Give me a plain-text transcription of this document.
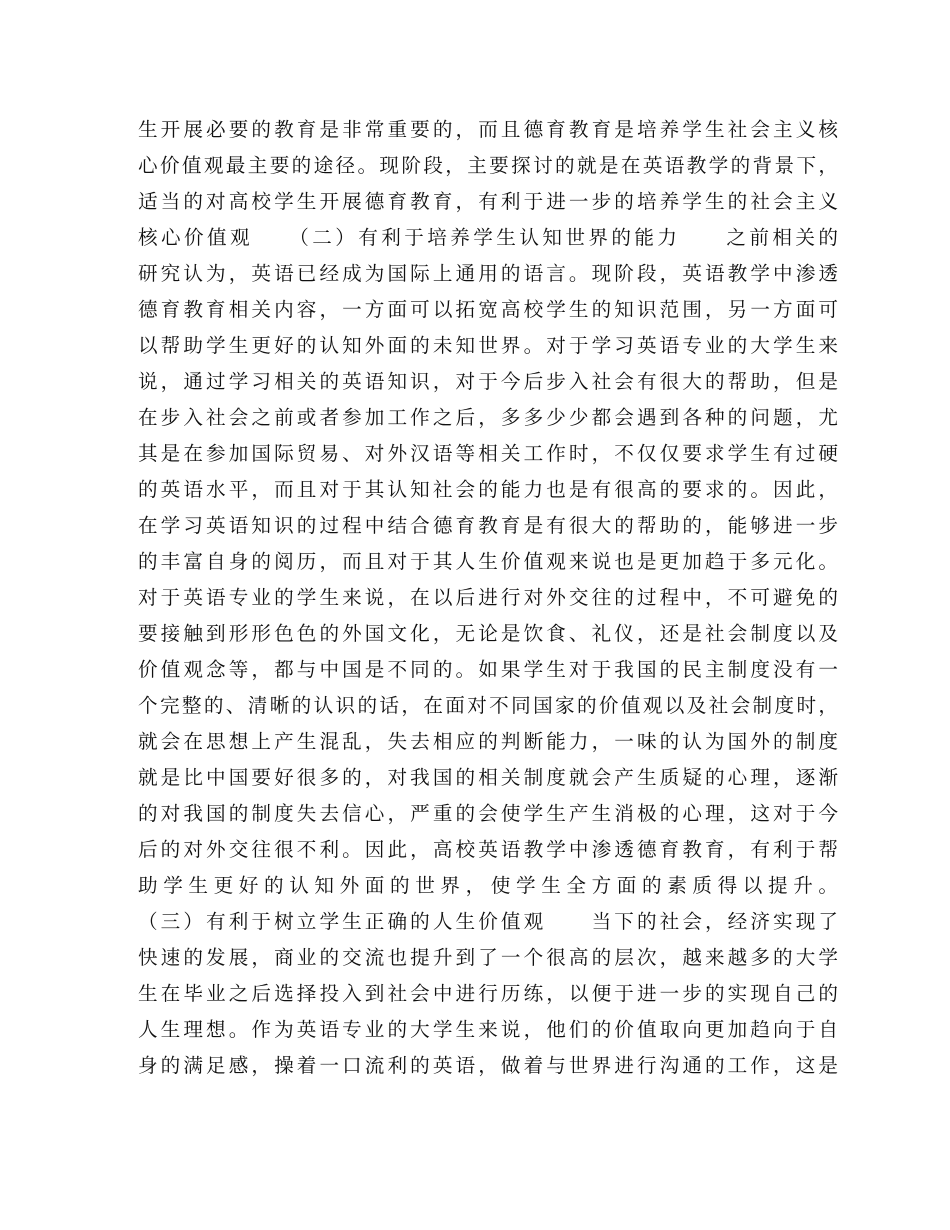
生开展必要的教育是非常重要的，而且德育教育是培养学生社会主义核
心价值观最主要的途径。现阶段，主要探讨的就是在英语教学的背景下，
适当的对高校学生开展德育教育，有利于进一步的培养学生的社会主义
核心价值观　　（二）有利于培养学生认知世界的能力　　之前相关的
研究认为，英语已经成为国际上通用的语言。现阶段，英语教学中渗透
德育教育相关内容，一方面可以拓宽高校学生的知识范围，另一方面可
以帮助学生更好的认知外面的未知世界。对于学习英语专业的大学生来
说，通过学习相关的英语知识，对于今后步入社会有很大的帮助，但是
在步入社会之前或者参加工作之后，多多少少都会遇到各种的问题，尤
其是在参加国际贸易、对外汉语等相关工作时，不仅仅要求学生有过硬
的英语水平，而且对于其认知社会的能力也是有很高的要求的。因此，
在学习英语知识的过程中结合德育教育是有很大的帮助的，能够进一步
的丰富自身的阅历，而且对于其人生价值观来说也是更加趋于多元化。
对于英语专业的学生来说，在以后进行对外交往的过程中，不可避免的
要接触到形形色色的外国文化，无论是饮食、礼仪，还是社会制度以及
价值观念等，都与中国是不同的。如果学生对于我国的民主制度没有一
个完整的、清晰的认识的话，在面对不同国家的价值观以及社会制度时，
就会在思想上产生混乱，失去相应的判断能力，一味的认为国外的制度
就是比中国要好很多的，对我国的相关制度就会产生质疑的心理，逐渐
的对我国的制度失去信心，严重的会使学生产生消极的心理，这对于今
后的对外交往很不利。因此，高校英语教学中渗透德育教育，有利于帮
助学生更好的认知外面的世界，使学生全方面的素质得以提升。
（三）有利于树立学生正确的人生价值观　　当下的社会，经济实现了
快速的发展，商业的交流也提升到了一个很高的层次，越来越多的大学
生在毕业之后选择投入到社会中进行历练，以便于进一步的实现自己的
人生理想。作为英语专业的大学生来说，他们的价值取向更加趋向于自
身的满足感，操着一口流利的英语，做着与世界进行沟通的工作，这是
